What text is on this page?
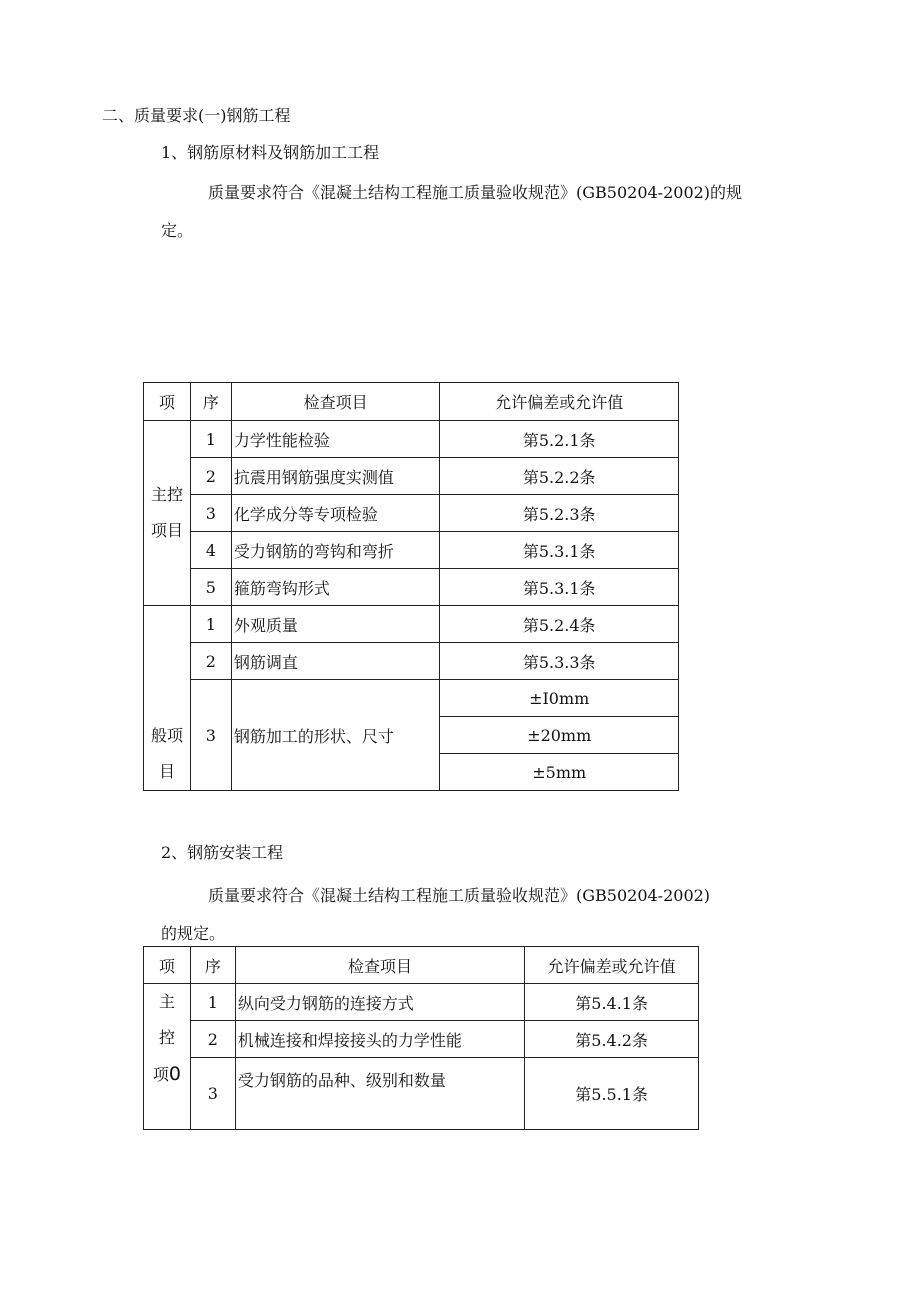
二、质量要求(一)钢筋工程
1、钢筋原材料及钢筋加工工程
质量要求符合《混凝土结构工程施工质量验收规范》(GB50204-2002)的规
定。
项	序	检查项目	允许偏差或允许值

主控
项目	1	力学性能检验	第5.2.1条
	2	抗震用钢筋强度实测值	第5.2.2条
	3	化学成分等专项检验	第5.2.3条
	4	受力钢筋的弯钩和弯折	第5.3.1条
	5	箍筋弯钩形式	第5.3.1条

般项
目	1	外观质量	第5.2.4条
	2	钢筋调直	第5.3.3条
	3	钢筋加工的形状、尺寸	±I0mm
			±20mm
			±5mm
2、钢筋安装工程
质量要求符合《混凝土结构工程施工质量验收规范》(GB50204-2002)
的规定。
项	序	检查项目	允许偏差或允许值

主
控
项0	1	纵向受力钢筋的连接方式	第5.4.1条
	2	机械连接和焊接接头的力学性能	第5.4.2条
	3	受力钢筋的品种、级别和数量	第5.5.1条
